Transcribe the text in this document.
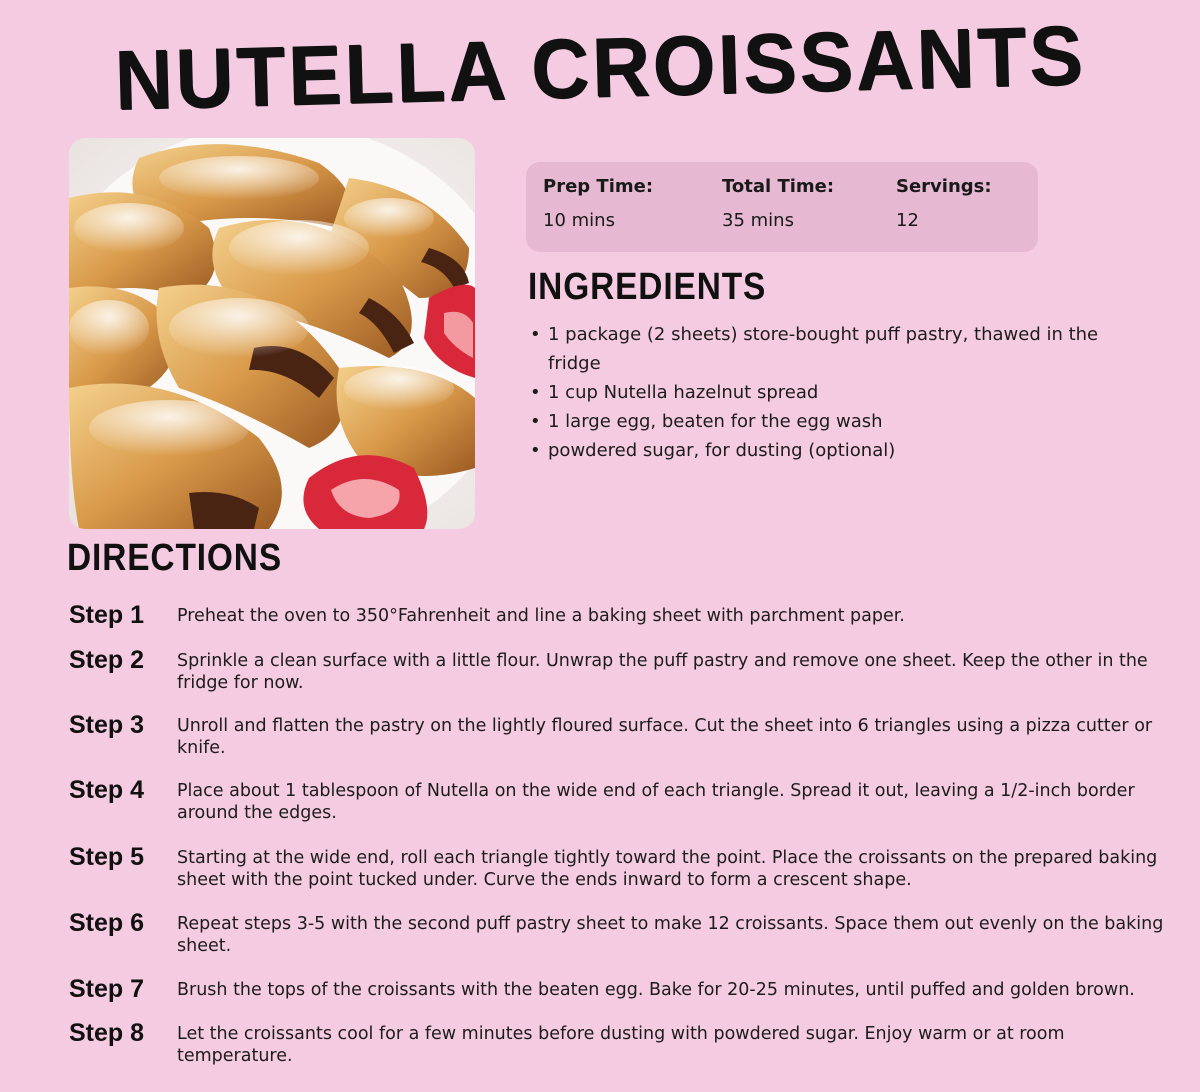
NUTELLA CROISSANTS
Prep Time:
10 mins
Total Time:
35 mins
Servings:
12
INGREDIENTS
• 1 package (2 sheets) store-bought puff pastry, thawed in the fridge
• 1 cup Nutella hazelnut spread
• 1 large egg, beaten for the egg wash
• powdered sugar, for dusting (optional)
DIRECTIONS
Step 1 Preheat the oven to 350°Fahrenheit and line a baking sheet with parchment paper.
Step 2 Sprinkle a clean surface with a little flour. Unwrap the puff pastry and remove one sheet. Keep the other in the fridge for now.
Step 3 Unroll and flatten the pastry on the lightly floured surface. Cut the sheet into 6 triangles using a pizza cutter or knife.
Step 4 Place about 1 tablespoon of Nutella on the wide end of each triangle. Spread it out, leaving a 1/2-inch border around the edges.
Step 5 Starting at the wide end, roll each triangle tightly toward the point. Place the croissants on the prepared baking sheet with the point tucked under. Curve the ends inward to form a crescent shape.
Step 6 Repeat steps 3-5 with the second puff pastry sheet to make 12 croissants. Space them out evenly on the baking sheet.
Step 7 Brush the tops of the croissants with the beaten egg. Bake for 20-25 minutes, until puffed and golden brown.
Step 8 Let the croissants cool for a few minutes before dusting with powdered sugar. Enjoy warm or at room temperature.
